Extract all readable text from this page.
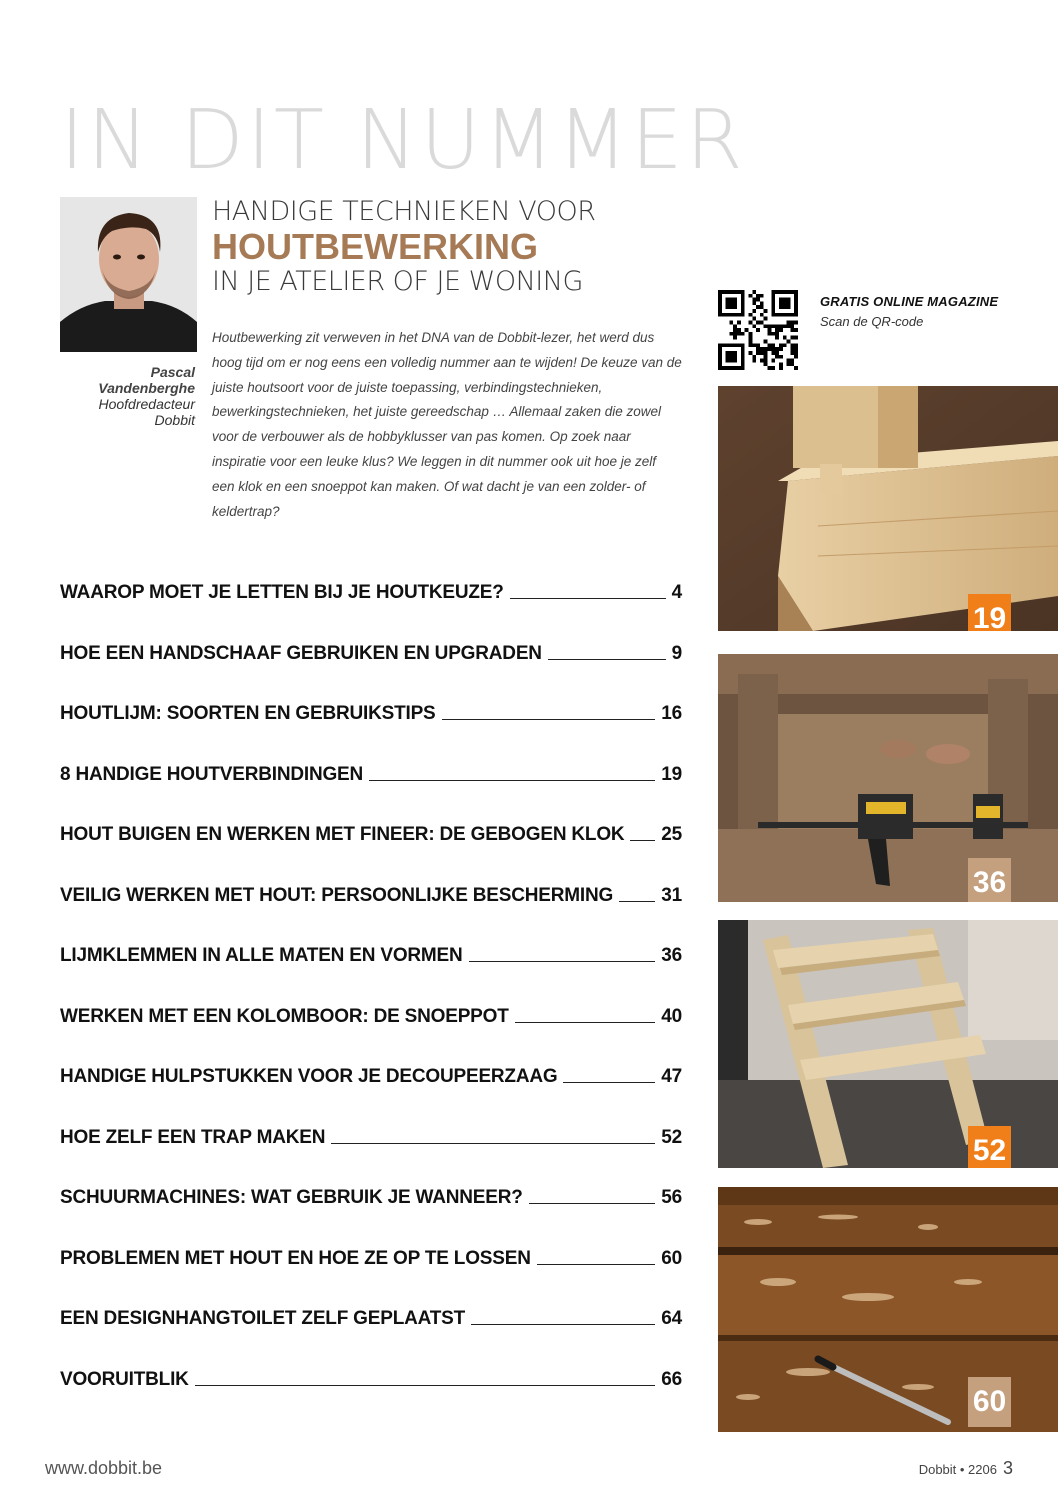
IN DIT NUMMER
Pascal
Vandenberghe
Hoofdredacteur
Dobbit
HANDIGE TECHNIEKEN VOOR
HOUTBEWERKING
IN JE ATELIER OF JE WONING
Houtbewerking zit verweven in het DNA van de Dobbit-lezer, het werd dus hoog tijd om er nog eens een volledig nummer aan te wijden! De keuze van de juiste houtsoort voor de juiste toepassing, verbindingstechnieken, bewerkingstechnieken, het juiste gereedschap … Allemaal zaken die zowel voor de verbouwer als de hobbyklusser van pas komen. Op zoek naar inspiratie voor een leuke klus? We leggen in dit nummer ook uit hoe je zelf een klok en een snoeppot kan maken. Of wat dacht je van een zolder- of keldertrap?
GRATIS ONLINE MAGAZINE
Scan de QR-code
WAAROP MOET JE LETTEN BIJ JE HOUTKEUZE?	4
HOE EEN HANDSCHAAF GEBRUIKEN EN UPGRADEN	9
HOUTLIJM: SOORTEN EN GEBRUIKSTIPS	16
8 HANDIGE HOUTVERBINDINGEN	19
HOUT BUIGEN EN WERKEN MET FINEER: DE GEBOGEN KLOK 25
VEILIG WERKEN MET HOUT: PERSOONLIJKE BESCHERMING	31
LIJMKLEMMEN IN ALLE MATEN EN VORMEN	36
WERKEN MET EEN KOLOMBOOR: DE SNOEPPOT	40
HANDIGE HULPSTUKKEN VOOR JE DECOUPEERZAAG	47
HOE ZELF EEN TRAP MAKEN	52
SCHUURMACHINES: WAT GEBRUIK JE WANNEER?	56
PROBLEMEN MET HOUT EN HOE ZE OP TE LOSSEN	60
EEN DESIGNHANGTOILET ZELF GEPLAATST	64
VOORUITBLIK	66
19
36
52
60
www.dobbit.be	Dobbit • 2206 3
